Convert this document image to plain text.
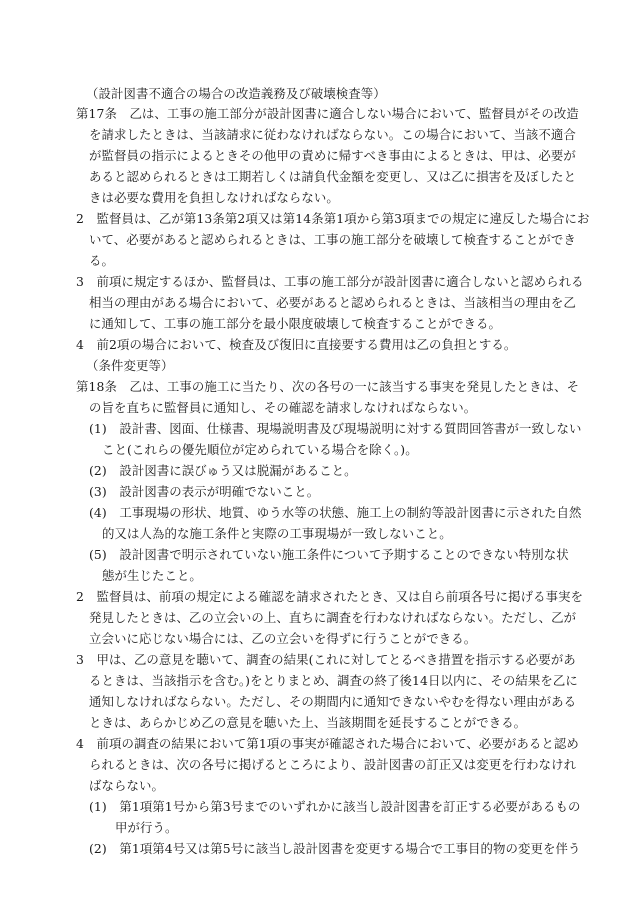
（設計図書不適合の場合の改造義務及び破壊検査等）
第17条　乙は、工事の施工部分が設計図書に適合しない場合において、監督員がその改造
を請求したときは、当該請求に従わなければならない。この場合において、当該不適合
が監督員の指示によるときその他甲の責めに帰すべき事由によるときは、甲は、必要が
あると認められるときは工期若しくは請負代金額を変更し、又は乙に損害を及ぼしたと
きは必要な費用を負担しなければならない。
2　監督員は、乙が第13条第2項又は第14条第1項から第3項までの規定に違反した場合にお
いて、必要があると認められるときは、工事の施工部分を破壊して検査することができ
る。
3　前項に規定するほか、監督員は、工事の施工部分が設計図書に適合しないと認められる
相当の理由がある場合において、必要があると認められるときは、当該相当の理由を乙
に通知して、工事の施工部分を最小限度破壊して検査することができる。
4　前2項の場合において、検査及び復旧に直接要する費用は乙の負担とする。
（条件変更等）
第18条　乙は、工事の施工に当たり、次の各号の一に該当する事実を発見したときは、そ
の旨を直ちに監督員に通知し、その確認を請求しなければならない。
(1)　設計書、図面、仕様書、現場説明書及び現場説明に対する質問回答書が一致しない
こと(これらの優先順位が定められている場合を除く。)。
(2)　設計図書に誤びゅう又は脱漏があること。
(3)　設計図書の表示が明確でないこと。
(4)　工事現場の形状、地質、ゆう水等の状態、施工上の制約等設計図書に示された自然
的又は人為的な施工条件と実際の工事現場が一致しないこと。
(5)　設計図書で明示されていない施工条件について予期することのできない特別な状
態が生じたこと。
2　監督員は、前項の規定による確認を請求されたとき、又は自ら前項各号に掲げる事実を
発見したときは、乙の立会いの上、直ちに調査を行わなければならない。ただし、乙が
立会いに応じない場合には、乙の立会いを得ずに行うことができる。
3　甲は、乙の意見を聴いて、調査の結果(これに対してとるべき措置を指示する必要があ
るときは、当該指示を含む。)をとりまとめ、調査の終了後14日以内に、その結果を乙に
通知しなければならない。ただし、その期間内に通知できないやむを得ない理由がある
ときは、あらかじめ乙の意見を聴いた上、当該期間を延長することができる。
4　前項の調査の結果において第1項の事実が確認された場合において、必要があると認め
られるときは、次の各号に掲げるところにより、設計図書の訂正又は変更を行わなけれ
ばならない。
(1)　第1項第1号から第3号までのいずれかに該当し設計図書を訂正する必要があるもの
甲が行う。
(2)　第1項第4号又は第5号に該当し設計図書を変更する場合で工事目的物の変更を伴う
